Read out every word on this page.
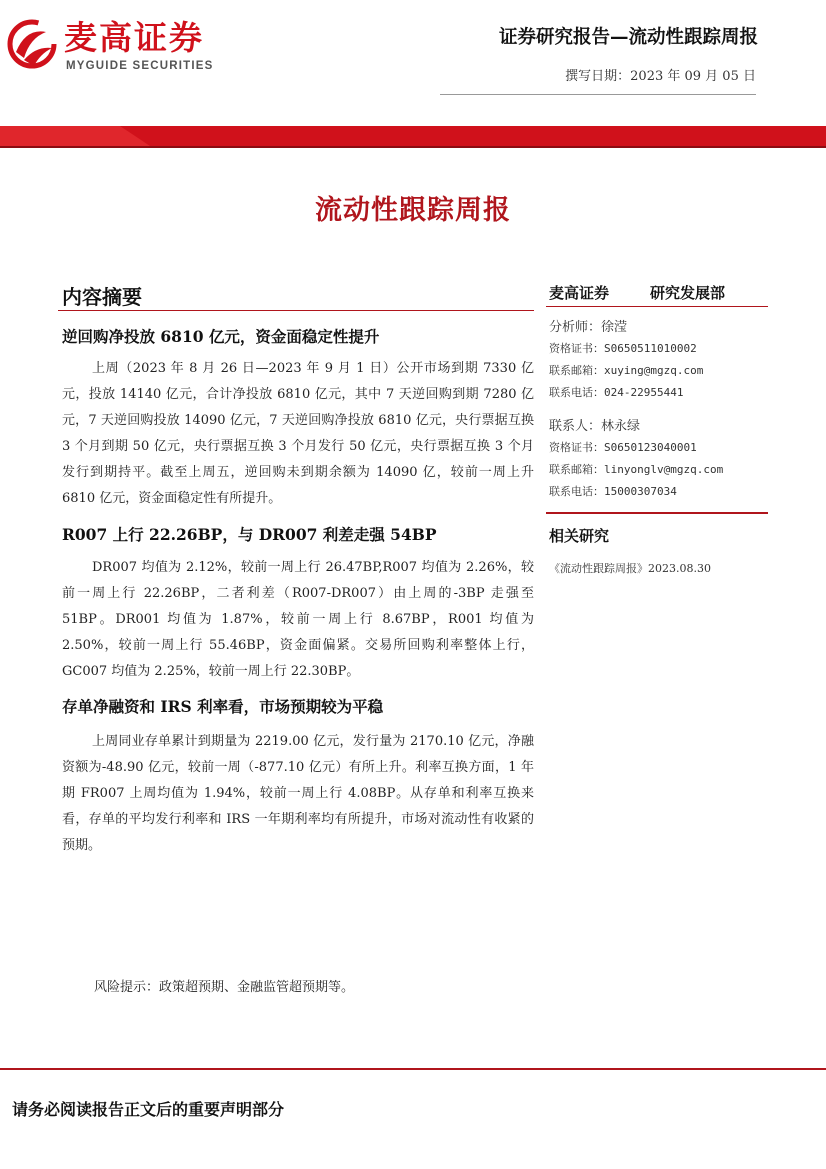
麦高证券
MYGUIDE SECURITIES
证券研究报告—流动性跟踪周报
撰写日期：2023 年 09 月 05 日
流动性跟踪周报
内容摘要
逆回购净投放 6810 亿元，资金面稳定性提升

上周（2023 年 8 月 26 日—2023 年 9 月 1 日）公开市场到期 7330 亿元，投放 14140 亿元，合计净投放 6810 亿元，其中 7 天逆回购到期 7280 亿元，7 天逆回购投放 14090 亿元，7 天逆回购净投放 6810 亿元，央行票据互换 3 个月到期 50 亿元，央行票据互换 3 个月发行 50 亿元，央行票据互换 3 个月发行到期持平。截至上周五，逆回购未到期余额为 14090 亿，较前一周上升 6810 亿元，资金面稳定性有所提升。

R007 上行 22.26BP，与 DR007 利差走强 54BP

DR007 均值为 2.12%，较前一周上行 26.47BP,R007 均值为 2.26%，较前一周上行 22.26BP，二者利差（R007-DR007）由上周的-3BP 走强至 51BP。DR001 均值为 1.87%，较前一周上行 8.67BP，R001 均值为 2.50%，较前一周上行 55.46BP，资金面偏紧。交易所回购利率整体上行，GC007 均值为 2.25%，较前一周上行 22.30BP。

存单净融资和 IRS 利率看，市场预期较为平稳

上周同业存单累计到期量为 2219.00 亿元，发行量为 2170.10 亿元，净融资额为-48.90 亿元，较前一周（-877.10 亿元）有所上升。利率互换方面，1 年期 FR007 上周均值为 1.94%，较前一周上行 4.08BP。从存单和利率互换来看，存单的平均发行利率和 IRS 一年期利率均有所提升，市场对流动性有收紧的预期。

风险提示：政策超预期、金融监管超预期等。
麦高证券	研究发展部
分析师：徐滢
资格证书：S0650511010002
联系邮箱：xuying@mgzq.com
联系电话：024-22955441
联系人：林永绿
资格证书：S0650123040001
联系邮箱：linyonglv@mgzq.com
联系电话：15000307034
相关研究
《流动性跟踪周报》2023.08.30
请务必阅读报告正文后的重要声明部分
